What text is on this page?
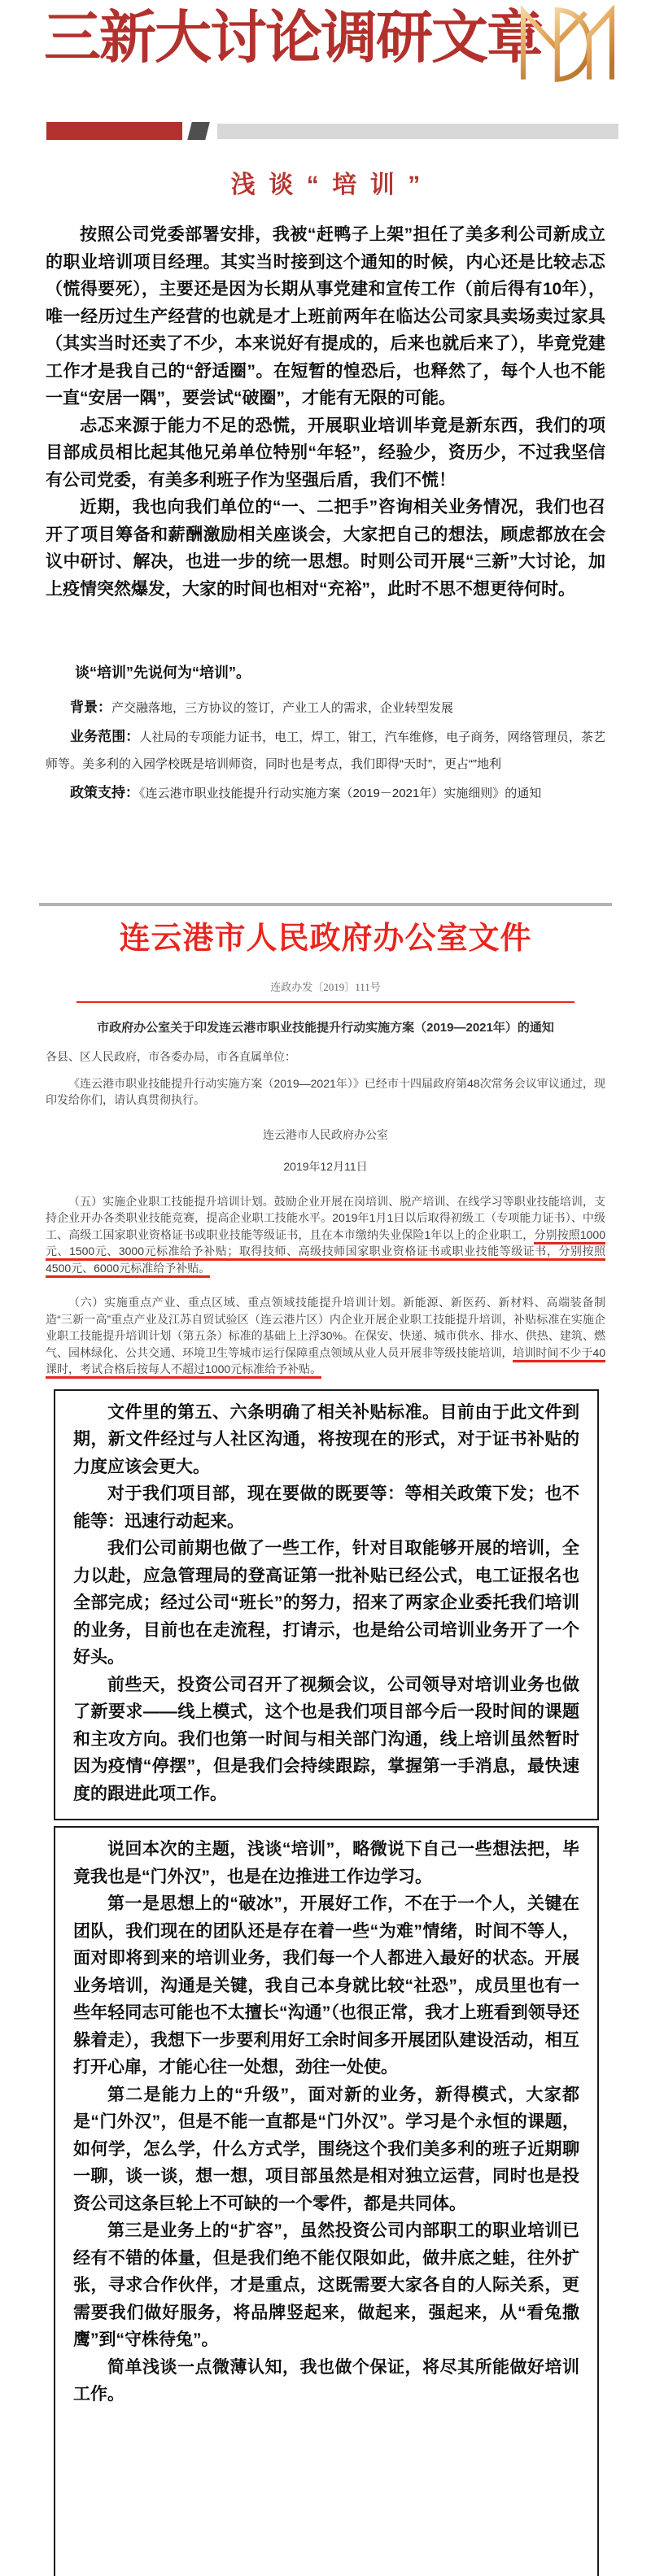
三新大讨论调研文章
浅谈“培训”

按照公司党委部署安排，我被“赶鸭子上架”担任了美多利公司新成立的职业培训项目经理。其实当时接到这个通知的时候，内心还是比较忐忑（慌得要死），主要还是因为长期从事党建和宣传工作（前后得有10年），唯一经历过生产经营的也就是才上班前两年在临达公司家具卖场卖过家具（其实当时还卖了不少，本来说好有提成的，后来也就后来了），毕竟党建工作才是我自己的“舒适圈”。在短暂的惶恐后，也释然了，每个人也不能一直“安居一隅”，要尝试“破圈”，才能有无限的可能。

忐忑来源于能力不足的恐慌，开展职业培训毕竟是新东西，我们的项目部成员相比起其他兄弟单位特别“年轻”，经验少，资历少，不过我坚信有公司党委，有美多利班子作为坚强后盾，我们不慌！

近期，我也向我们单位的“一、二把手”咨询相关业务情况，我们也召开了项目筹备和薪酬激励相关座谈会，大家把自己的想法，顾虑都放在会议中研讨、解决，也进一步的统一思想。时则公司开展“三新”大讨论，加上疫情突然爆发，大家的时间也相对“充裕”，此时不思不想更待何时。

谈“培训”先说何为“培训”。

背景：产交融落地，三方协议的签订，产业工人的需求，企业转型发展

业务范围：人社局的专项能力证书，电工，焊工，钳工，汽车维修，电子商务，网络管理员，茶艺师等。美多利的入园学校既是培训师资，同时也是考点，我们即得“天时”，更占“”地利

政策支持：《连云港市职业技能提升行动实施方案（2019－2021年）实施细则》的通知

连云港市人民政府办公室文件
连政办发〔2019〕111号
市政府办公室关于印发连云港市职业技能提升行动实施方案（2019—2021年）的通知

各县、区人民政府，市各委办局，市各直属单位：

《连云港市职业技能提升行动实施方案（2019—2021年）》已经市十四届政府第48次常务会议审议通过，现印发给你们，请认真贯彻执行。

连云港市人民政府办公室

2019年12月11日

（五）实施企业职工技能提升培训计划。鼓励企业开展在岗培训、脱产培训、在线学习等职业技能培训，支持企业开办各类职业技能竞赛，提高企业职工技能水平。2019年1月1日以后取得初级工（专项能力证书）、中级工、高级工国家职业资格证书或职业技能等级证书，且在本市缴纳失业保险1年以上的企业职工，分别按照1000元、1500元、3000元标准给予补贴；取得技师、高级技师国家职业资格证书或职业技能等级证书，分别按照4500元、6000元标准给予补贴。

（六）实施重点产业、重点区域、重点领域技能提升培训计划。新能源、新医药、新材料、高端装备制造“三新一高”重点产业及江苏自贸试验区（连云港片区）内企业开展企业职工技能提升培训，补贴标准在实施企业职工技能提升培训计划（第五条）标准的基础上上浮30%。在保安、快递、城市供水、排水、供热、建筑、燃气、园林绿化、公共交通、环境卫生等城市运行保障重点领域从业人员开展非等级技能培训，培训时间不少于40课时，考试合格后按每人不超过1000元标准给予补贴。

文件里的第五、六条明确了相关补贴标准。目前由于此文件到期，新文件经过与人社区沟通，将按现在的形式，对于证书补贴的力度应该会更大。

对于我们项目部，现在要做的既要等：等相关政策下发；也不能等：迅速行动起来。

我们公司前期也做了一些工作，针对目取能够开展的培训，全力以赴，应急管理局的登高证第一批补贴已经公式，电工证报名也全部完成；经过公司“班长”的努力，招来了两家企业委托我们培训的业务，目前也在走流程，打请示，也是给公司培训业务开了一个好头。

前些天，投资公司召开了视频会议，公司领导对培训业务也做了新要求——线上模式，这个也是我们项目部今后一段时间的课题和主攻方向。我们也第一时间与相关部门沟通，线上培训虽然暂时因为疫情“停摆”，但是我们会持续跟踪，掌握第一手消息，最快速度的跟进此项工作。

说回本次的主题，浅谈“培训”，略微说下自己一些想法把，毕竟我也是“门外汉”，也是在边推进工作边学习。

第一是思想上的“破冰”，开展好工作，不在于一个人，关键在团队，我们现在的团队还是存在着一些“为难”情绪，时间不等人，面对即将到来的培训业务，我们每一个人都进入最好的状态。开展业务培训，沟通是关键，我自己本身就比较“社恐”，成员里也有一些年轻同志可能也不太擅长“沟通”（也很正常，我才上班看到领导还躲着走），我想下一步要利用好工余时间多开展团队建设活动，相互打开心扉，才能心往一处想，劲往一处使。

第二是能力上的“升级”，面对新的业务，新得模式，大家都是“门外汉”，但是不能一直都是“门外汉”。学习是个永恒的课题，如何学，怎么学，什么方式学，围绕这个我们美多利的班子近期聊一聊，谈一谈，想一想，项目部虽然是相对独立运营，同时也是投资公司这条巨轮上不可缺的一个零件，都是共同体。

第三是业务上的“扩容”，虽然投资公司内部职工的职业培训已经有不错的体量，但是我们绝不能仅限如此，做井底之蛙，往外扩张，寻求合作伙伴，才是重点，这既需要大家各自的人际关系，更需要我们做好服务，将品牌竖起来，做起来，强起来，从“看兔撒鹰”到“守株待兔”。

简单浅谈一点微薄认知，我也做个保证，将尽其所能做好培训工作。
